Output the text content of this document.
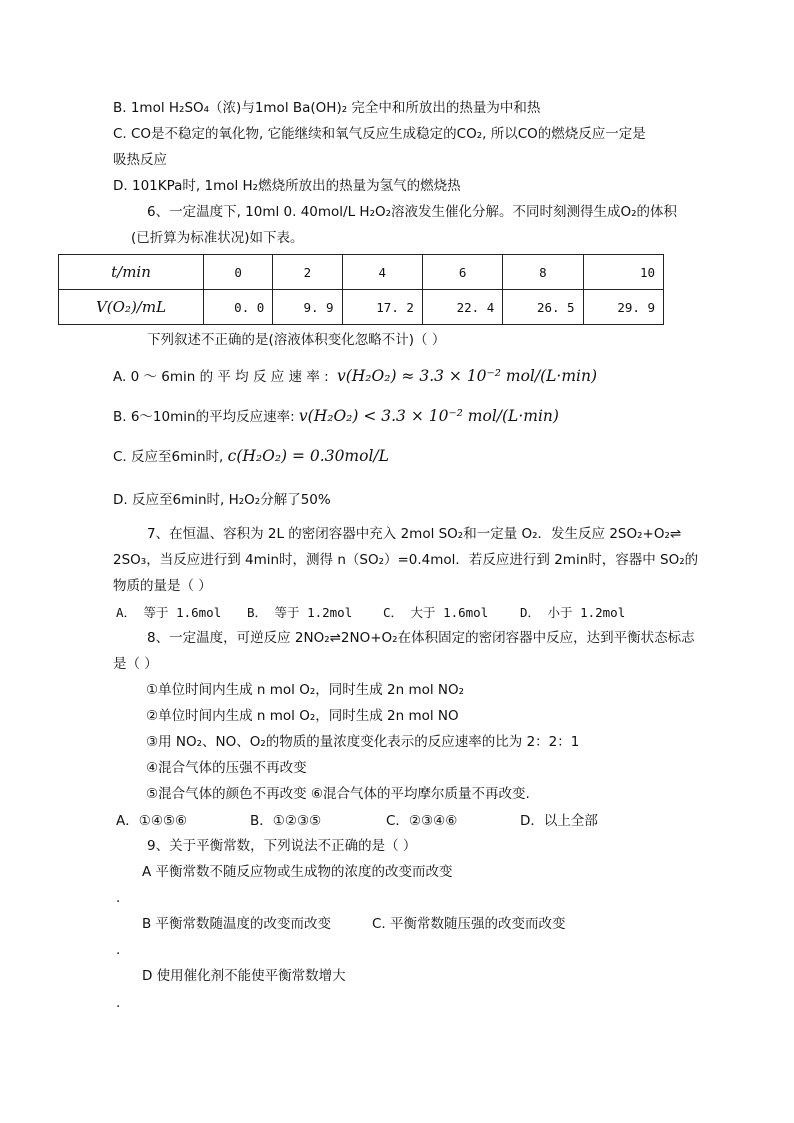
B. 1mol H₂SO₄（浓)与1mol Ba(OH)₂ 完全中和所放出的热量为中和热
C. CO是不稳定的氧化物, 它能继续和氧气反应生成稳定的CO₂, 所以CO的燃烧反应一定是
吸热反应
D. 101KPa时, 1mol H₂燃烧所放出的热量为氢气的燃烧热
6、一定温度下, 10ml 0. 40mol/L H₂O₂溶液发生催化分解。不同时刻测得生成O₂的体积
(已折算为标准状况)如下表。
t/min	0	2	4	6	8	10
V(O₂)/mL	0. 0	9. 9	17. 2	22. 4	26. 5	29. 9
下列叙述不正确的是(溶液体积变化忽略不计)（ ）
A. 0 ～ 6min 的 平 均 反 应 速 率 : v(H₂O₂) ≈ 3.3 × 10⁻² mol/(L·min)
B. 6～10min的平均反应速率: v(H₂O₂) < 3.3 × 10⁻² mol/(L·min)
C. 反应至6min时, c(H₂O₂) = 0.30mol/L
D. 反应至6min时, H₂O₂分解了50%
7、在恒温、容积为 2L 的密闭容器中充入 2mol SO₂和一定量 O₂．发生反应 2SO₂+O₂⇌
2SO₃，当反应进行到 4min时，测得 n（SO₂）=0.4mol．若反应进行到 2min时，容器中 SO₂的
物质的量是（ ）
A． 等于 1.6mol B． 等于 1.2mol C． 大于 1.6mol	D． 小于 1.2mol
8、一定温度，可逆反应 2NO₂⇌2NO+O₂在体积固定的密闭容器中反应，达到平衡状态标志
是（ ）
①单位时间内生成 n mol O₂，同时生成 2n mol NO₂
②单位时间内生成 n mol O₂，同时生成 2n mol NO
③用 NO₂、NO、O₂的物质的量浓度变化表示的反应速率的比为 2：2：1
④混合气体的压强不再改变
⑤混合气体的颜色不再改变 ⑥混合气体的平均摩尔质量不再改变.
A．①④⑤⑥	B．①②③⑤	C．②③④⑥	D．以上全部
9、关于平衡常数，下列说法不正确的是（ ）
A 平衡常数不随反应物或生成物的浓度的改变而改变
.
B 平衡常数随温度的改变而改变	C. 平衡常数随压强的改变而改变
.
D 使用催化剂不能使平衡常数增大
.
